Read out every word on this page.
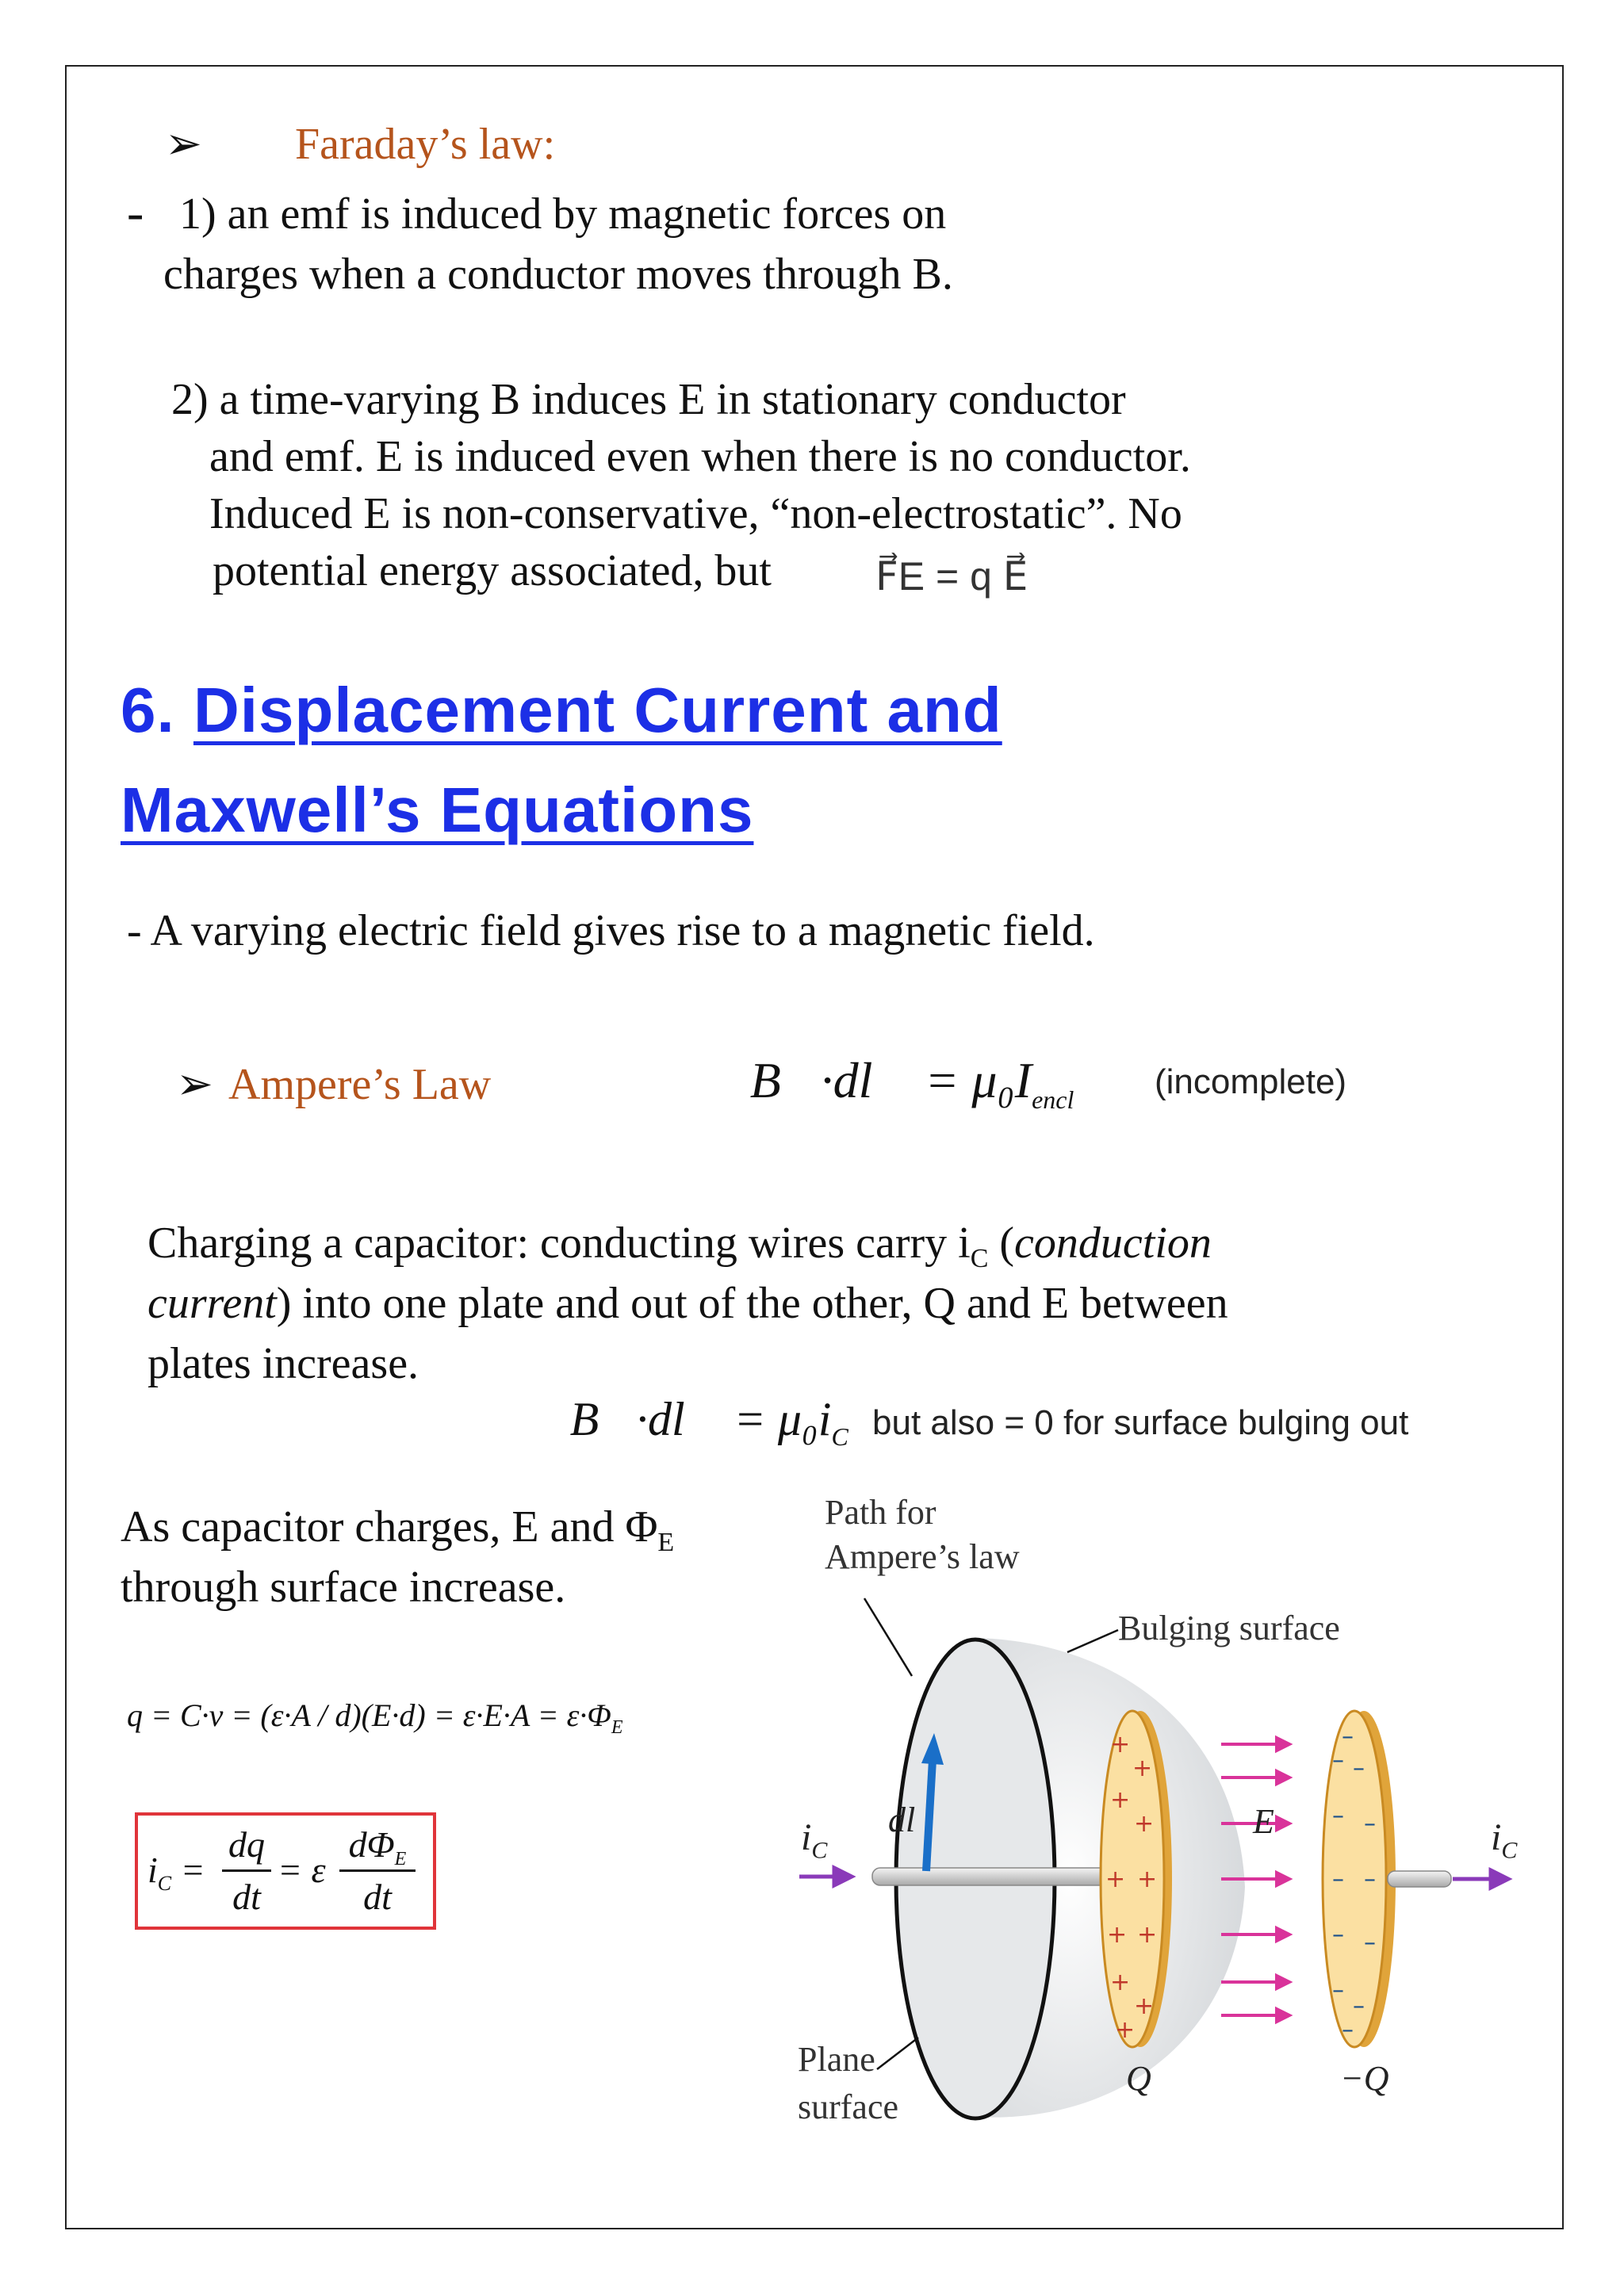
➢ Faraday’s law:
- 1) an emf is induced by magnetic forces on
charges when a conductor moves through B.
2) a time-varying B induces E in stationary conductor
and emf. E is induced even when there is no conductor.
Induced E is non-conservative, “non-electrostatic”. No
potential energy associated, but	F⃗E = q E⃗
6. Displacement Current and
Maxwell’s Equations
- A varying electric field gives rise to a magnetic field.
➢ Ampere’s Law	∮B⃗·dl⃗ = $\mu_0I_{encl}$ (incomplete)
Charging a capacitor: conducting wires carry $i_C$ (conduction
current) into one plate and out of the other, Q and E between
plates increase.
∮B⃗·dl⃗ = $\mu_0i_C$ but also = 0 for surface bulging out
As capacitor charges, E and $\Phi_E$
through surface increase.
$q = C\cdot v = (\varepsilon\cdot A / d)(E\cdot d) = \varepsilon\cdot E\cdot A = \varepsilon\cdot\Phi_E$
$i_C$ =
dq
dt
= ε
$d\Phi_E$
dt
+
+
+
+
+ +
+ +
+
+
+
–
– –
– –
– –
– –
–
–
–
Path for
Ampere’s law
Bulging surface
$i_C$
dl⃗	E⃗	$i_C$
Plane
surface
Q	−Q
